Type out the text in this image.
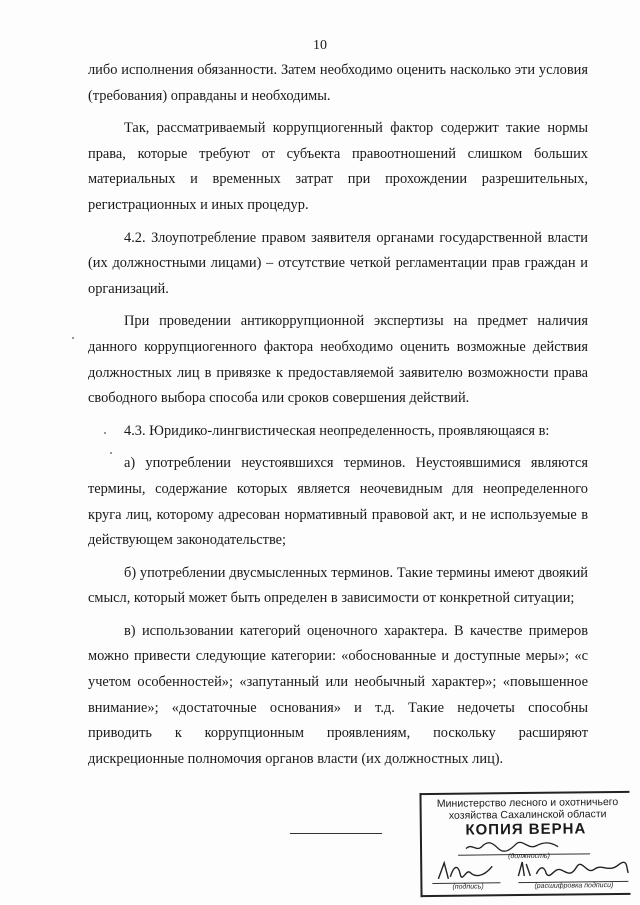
10

либо исполнения обязанности. Затем необходимо оценить насколько эти условия (требования) оправданы и необходимы.

Так, рассматриваемый коррупциогенный фактор содержит такие нормы права, которые требуют от субъекта правоотношений слишком больших материальных и временных затрат при прохождении разрешительных, регистрационных и иных процедур.

4.2. Злоупотребление правом заявителя органами государственной власти (их должностными лицами) – отсутствие четкой регламентации прав граждан и организаций.

При проведении антикоррупционной экспертизы на предмет наличия данного коррупциогенного фактора необходимо оценить возможные действия должностных лиц в привязке к предоставляемой заявителю возможности права свободного выбора способа или сроков совершения действий.

4.3. Юридико-лингвистическая неопределенность, проявляющаяся в:

а) употреблении неустоявшихся терминов. Неустоявшимися являются термины, содержание которых является неочевидным для неопределенного круга лиц, которому адресован нормативный правовой акт, и не используемые в действующем законодательстве;

б) употреблении двусмысленных терминов. Такие термины имеют двоякий смысл, который может быть определен в зависимости от конкретной ситуации;

в) использовании категорий оценочного характера. В качестве примеров можно привести следующие категории: «обоснованные и доступные меры»; «с учетом особенностей»; «запутанный или необычный характер»; «повышенное внимание»; «достаточные основания» и т.д. Такие недочеты способны приводить к коррупционным проявлениям, поскольку расширяют дискреционные полномочия органов власти (их должностных лиц).

Министерство лесного и охотничьего
хозяйства Сахалинской области
КОПИЯ ВЕРНА
(должность)
(подпись)	(расшифровка подписи)
